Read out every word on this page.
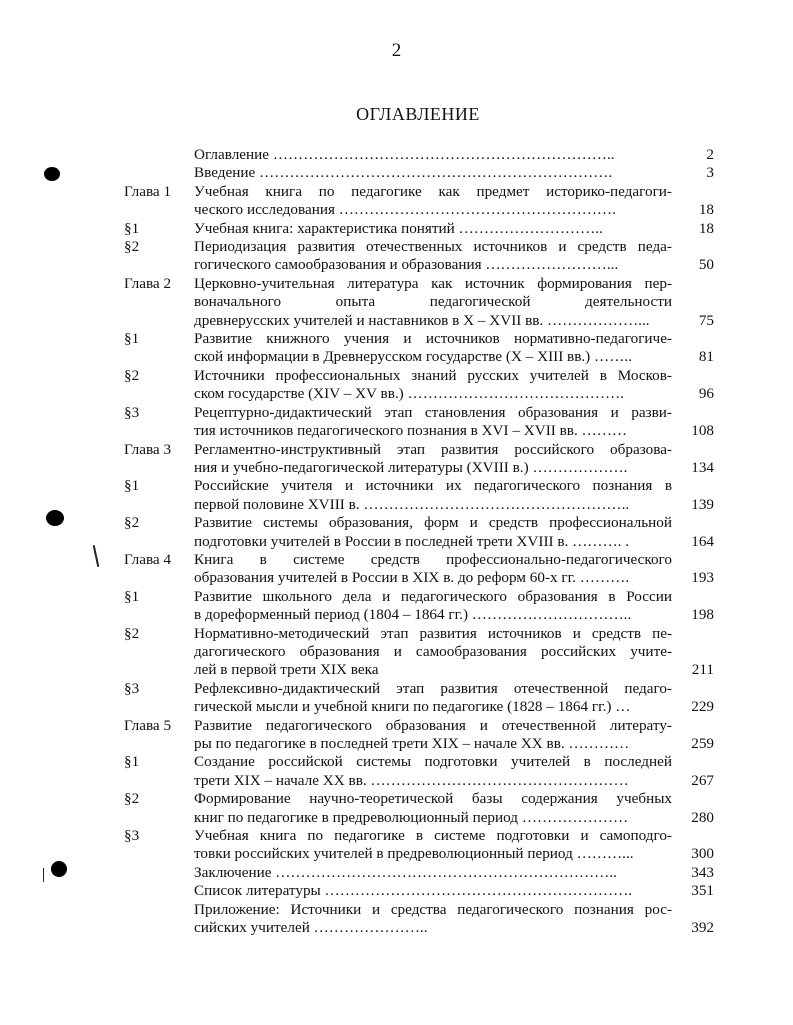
2
ОГЛАВЛЕНИЕ
Оглавление …………………………………………………………..	2
Введение …………………………………………………………….	3
Глава 1	Учебная книга по педагогике как предмет историко-педагоги-
ческого исследования ……………………………………………….	18
§1	Учебная книга: характеристика понятий ………………………..	18
§2	Периодизация развития отечественных источников и средств педа-
гогического самообразования и образования ……………………...	50
Глава 2	Церковно-учительная литература как источник формирования пер-
воначального опыта педагогической деятельности
древнерусских учителей и наставников в X – XVII вв. ………………...	75
§1	Развитие книжного учения и источников нормативно-педагогиче-
ской информации в Древнерусском государстве (X – XIII вв.) ……..	81
§2	Источники профессиональных знаний русских учителей в Москов-
ском государстве (XIV – XV вв.) …………………………………….	96
§3	Рецептурно-дидактический этап становления образования и разви-
тия источников педагогического познания в XVI – XVII вв. ………	108
Глава 3	Регламентно-инструктивный этап развития российского образова-
ния и учебно-педагогической литературы (XVIII в.) ……………….	134
§1	Российские учителя и источники их педагогического познания в
первой половине XVIII в. ……………………………………………..	139
§2	Развитие системы образования, форм и средств профессиональной
подготовки учителей в России в последней трети XVIII в. ………. .	164
Глава 4	Книга в системе средств профессионально-педагогического
образования учителей в России в XIX в. до реформ 60-х гг. ……….	193
§1	Развитие школьного дела и педагогического образования в России
в дореформенный период (1804 – 1864 гг.) …………………………..	198
§2	Нормативно-методический этап развития источников и средств пе-
дагогического образования и самообразования российских учите-
лей в первой трети XIX века	211
§3	Рефлексивно-дидактический этап развития отечественной педаго-
гической мысли и учебной книги по педагогике (1828 – 1864 гг.) …	229
Глава 5	Развитие педагогического образования и отечественной литерату-
ры по педагогике в последней трети XIX – начале XX вв. …………	259
§1	Создание российской системы подготовки учителей в последней
трети XIX – начале XX вв. ……………………………………………	267
§2	Формирование научно-теоретической базы содержания учебных
книг по педагогике в предреволюционный период …………………	280
§3	Учебная книга по педагогике в системе подготовки и самоподго-
товки российских учителей в предреволюционный период ………...	300
Заключение …………………………………………………………..	343
Список литературы …………………………………………………….	351
Приложение: Источники и средства педагогического познания рос-
сийских учителей …………………..	392
